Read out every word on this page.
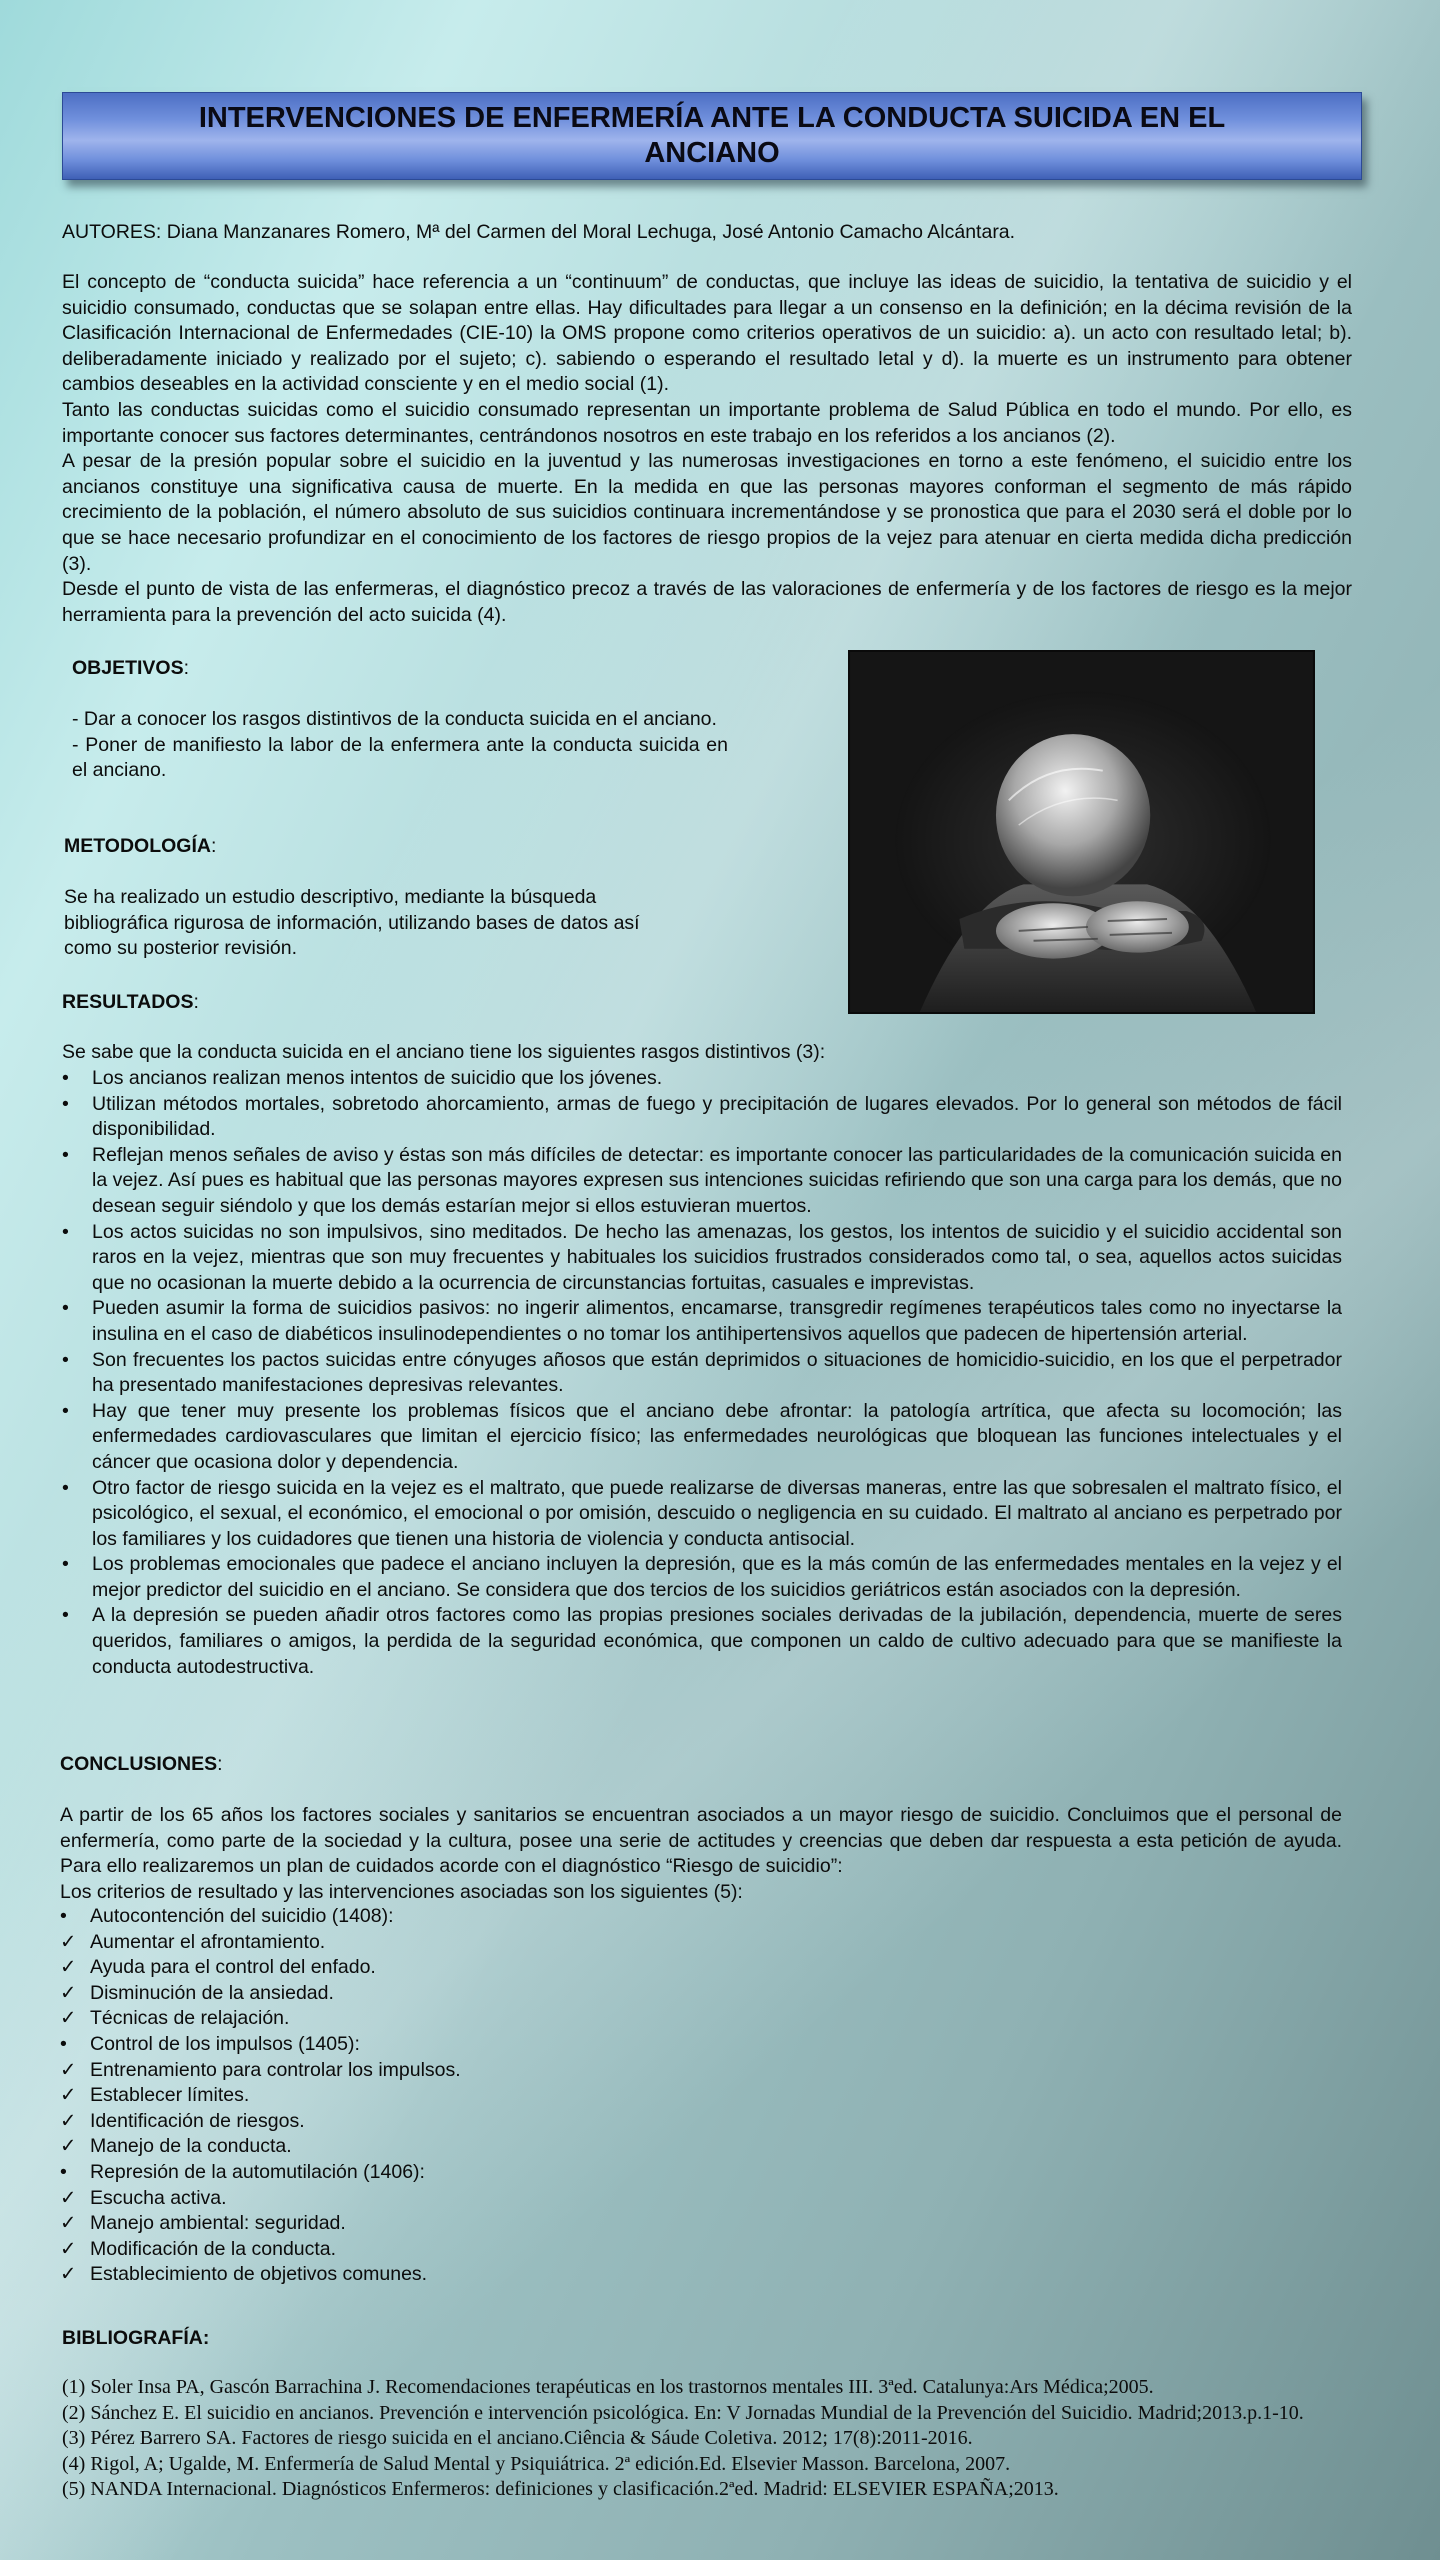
INTERVENCIONES DE ENFERMERÍA ANTE LA CONDUCTA SUICIDA EN EL
ANCIANO
AUTORES: Diana Manzanares Romero, Mª del Carmen del Moral Lechuga, José Antonio Camacho Alcántara.

El concepto de “conducta suicida” hace referencia a un “continuum” de conductas, que incluye las ideas de suicidio, la tentativa de suicidio y el suicidio consumado, conductas que se solapan entre ellas. Hay dificultades para llegar a un consenso en la definición; en la décima revisión de la Clasificación Internacional de Enfermedades (CIE-10) la OMS propone como criterios operativos de un suicidio: a). un acto con resultado letal; b). deliberadamente iniciado y realizado por el sujeto; c). sabiendo o esperando el resultado letal y d). la muerte es un instrumento para obtener cambios deseables en la actividad consciente y en el medio social (1).

Tanto las conductas suicidas como el suicidio consumado representan un importante problema de Salud Pública en todo el mundo. Por ello, es importante conocer sus factores determinantes, centrándonos nosotros en este trabajo en los referidos a los ancianos (2).

A pesar de la presión popular sobre el suicidio en la juventud y las numerosas investigaciones en torno a este fenómeno, el suicidio entre los ancianos constituye una significativa causa de muerte. En la medida en que las personas mayores conforman el segmento de más rápido crecimiento de la población, el número absoluto de sus suicidios continuara incrementándose y se pronostica que para el 2030 será el doble por lo que se hace necesario profundizar en el conocimiento de los factores de riesgo propios de la vejez para atenuar en cierta medida dicha predicción (3).

Desde el punto de vista de las enfermeras, el diagnóstico precoz a través de las valoraciones de enfermería y de los factores de riesgo es la mejor herramienta para la prevención del acto suicida (4).

OBJETIVOS:

- Dar a conocer los rasgos distintivos de la conducta suicida en el anciano.

- Poner de manifiesto la labor de la enfermera ante la conducta suicida en el anciano.

METODOLOGÍA:
Se ha realizado un estudio descriptivo, mediante la búsqueda bibliográfica rigurosa de información, utilizando bases de datos así como su posterior revisión.
RESULTADOS:
Se sabe que la conducta suicida en el anciano tiene los siguientes rasgos distintivos (3):
•	Los ancianos realizan menos intentos de suicidio que los jóvenes.
•	Utilizan métodos mortales, sobretodo ahorcamiento, armas de fuego y precipitación de lugares elevados. Por lo general son métodos de fácil disponibilidad.
•	Reflejan menos señales de aviso y éstas son más difíciles de detectar: es importante conocer las particularidades de la comunicación suicida en la vejez. Así pues es habitual que las personas mayores expresen sus intenciones suicidas refiriendo que son una carga para los demás, que no desean seguir siéndolo y que los demás estarían mejor si ellos estuvieran muertos.
•	Los actos suicidas no son impulsivos, sino meditados. De hecho las amenazas, los gestos, los intentos de suicidio y el suicidio accidental son raros en la vejez, mientras que son muy frecuentes y habituales los suicidios frustrados considerados como tal, o sea, aquellos actos suicidas que no ocasionan la muerte debido a la ocurrencia de circunstancias fortuitas, casuales e imprevistas.
•	Pueden asumir la forma de suicidios pasivos: no ingerir alimentos, encamarse, transgredir regímenes terapéuticos tales como no inyectarse la insulina en el caso de diabéticos insulinodependientes o no tomar los antihipertensivos aquellos que padecen de hipertensión arterial.
•	Son frecuentes los pactos suicidas entre cónyuges añosos que están deprimidos o situaciones de homicidio-suicidio, en los que el perpetrador ha presentado manifestaciones depresivas relevantes.
•	Hay que tener muy presente los problemas físicos que el anciano debe afrontar: la patología artrítica, que afecta su locomoción; las enfermedades cardiovasculares que limitan el ejercicio físico; las enfermedades neurológicas que bloquean las funciones intelectuales y el cáncer que ocasiona dolor y dependencia.
•	Otro factor de riesgo suicida en la vejez es el maltrato, que puede realizarse de diversas maneras, entre las que sobresalen el maltrato físico, el psicológico, el sexual, el económico, el emocional o por omisión, descuido o negligencia en su cuidado. El maltrato al anciano es perpetrado por los familiares y los cuidadores que tienen una historia de violencia y conducta antisocial.
•	Los problemas emocionales que padece el anciano incluyen la depresión, que es la más común de las enfermedades mentales en la vejez y el mejor predictor del suicidio en el anciano. Se considera que dos tercios de los suicidios geriátricos están asociados con la depresión.
•	A la depresión se pueden añadir otros factores como las propias presiones sociales derivadas de la jubilación, dependencia, muerte de seres queridos, familiares o amigos, la perdida de la seguridad económica, que componen un caldo de cultivo adecuado para que se manifieste la conducta autodestructiva.
CONCLUSIONES:

A partir de los 65 años los factores sociales y sanitarios se encuentran asociados a un mayor riesgo de suicidio. Concluimos que el personal de enfermería, como parte de la sociedad y la cultura, posee una serie de actitudes y creencias que deben dar respuesta a esta petición de ayuda. Para ello realizaremos un plan de cuidados acorde con el diagnóstico “Riesgo de suicidio”:

Los criterios de resultado y las intervenciones asociadas son los siguientes (5):

•	Autocontención del suicidio (1408):
✓ Aumentar el afrontamiento.
✓ Ayuda para el control del enfado.
✓ Disminución de la ansiedad.
✓ Técnicas de relajación.
•	Control de los impulsos (1405):
✓ Entrenamiento para controlar los impulsos.
✓ Establecer límites.
✓ Identificación de riesgos.
✓ Manejo de la conducta.
•	Represión de la automutilación (1406):
✓ Escucha activa.
✓ Manejo ambiental: seguridad.
✓ Modificación de la conducta.
✓ Establecimiento de objetivos comunes.
BIBLIOGRAFÍA:
(1) Soler Insa PA, Gascón Barrachina J. Recomendaciones terapéuticas en los trastornos mentales III. 3ªed. Catalunya:Ars Médica;2005.
(2) Sánchez E. El suicidio en ancianos. Prevención e intervención psicológica. En: V Jornadas Mundial de la Prevención del Suicidio. Madrid;2013.p.1-10.
(3) Pérez Barrero SA. Factores de riesgo suicida en el anciano.Ciência & Sáude Coletiva. 2012; 17(8):2011-2016.
(4) Rigol, A; Ugalde, M. Enfermería de Salud Mental y Psiquiátrica. 2ª edición.Ed. Elsevier Masson. Barcelona, 2007.
(5) NANDA Internacional. Diagnósticos Enfermeros: definiciones y clasificación.2ªed. Madrid: ELSEVIER ESPAÑA;2013.
